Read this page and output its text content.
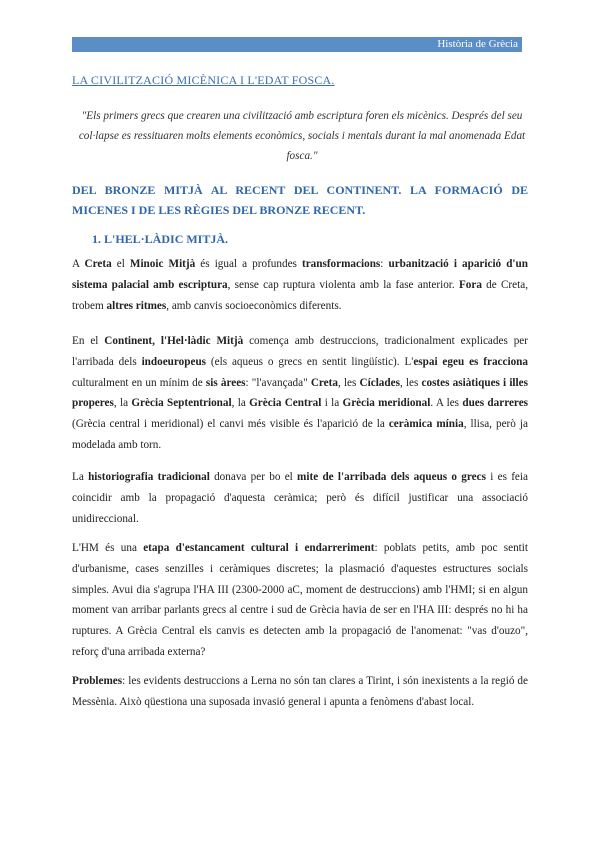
Història de Grècia
LA CIVILITZACIÓ MICÈNICA I L'EDAT FOSCA.
"Els primers grecs que crearen una civilització amb escriptura foren els micènics. Després del seu col·lapse es ressituaren molts elements econòmics, socials i mentals durant la mal anomenada Edat fosca."
DEL BRONZE MITJÀ AL RECENT DEL CONTINENT. LA FORMACIÓ DE MICENES I DE LES RÈGIES DEL BRONZE RECENT.
1. L'HEL·LÀDIC MITJÀ.
A Creta el Minoic Mitjà és igual a profundes transformacions: urbanització i aparició d'un sistema palacial amb escriptura, sense cap ruptura violenta amb la fase anterior. Fora de Creta, trobem altres ritmes, amb canvis socioeconòmics diferents.
En el Continent, l'Hel·làdic Mitjà comença amb destruccions, tradicionalment explicades per l'arribada dels indoeuropeus (els aqueus o grecs en sentit lingüístic). L'espai egeu es fracciona culturalment en un mínim de sis àrees: "l'avançada" Creta, les Cíclades, les costes asiàtiques i illes properes, la Grècia Septentrional, la Grècia Central i la Grècia meridional. A les dues darreres (Grècia central i meridional) el canvi més visible és l'aparició de la ceràmica mínia, llisa, però ja modelada amb torn.
La historiografia tradicional donava per bo el mite de l'arribada dels aqueus o grecs i es feia coincidir amb la propagació d'aquesta ceràmica; però és difícil justificar una associació unidireccional.
L'HM és una etapa d'estancament cultural i endarreriment: poblats petits, amb poc sentit d'urbanisme, cases senzilles i ceràmiques discretes; la plasmació d'aquestes estructures socials simples. Avui dia s'agrupa l'HA III (2300-2000 aC, moment de destruccions) amb l'HMI; si en algun moment van arribar parlants grecs al centre i sud de Grècia havia de ser en l'HA III: després no hi ha ruptures. A Grècia Central els canvis es detecten amb la propagació de l'anomenat: "vas d'ouzo", reforç d'una arribada externa?
Problemes: les evidents destruccions a Lerna no són tan clares a Tirint, i són inexistents a la regió de Messènia. Això qüestiona una suposada invasió general i apunta a fenòmens d'abast local.
